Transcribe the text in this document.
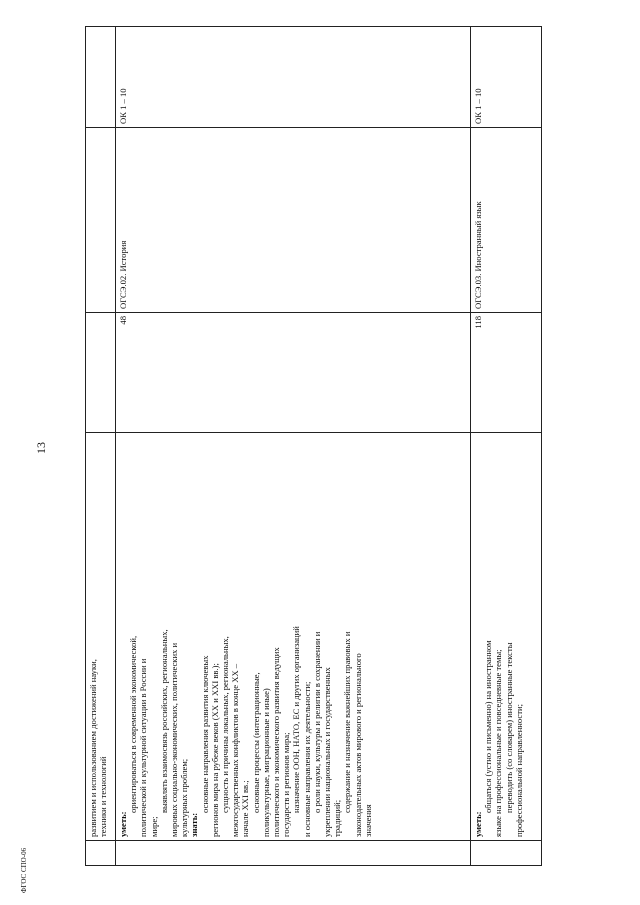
13
ФГОС СПО-06
развитием и использованием достижений науки, техники и технологий уметь:
ориентироваться в современной экономической, политической и культурной ситуации в России и мире;
выявлять взаимосвязь российских, региональных, мировых социально-экономических, политических и культурных проблем; знать:
основные направления развития ключевых регионов мира на рубеже веков (XX и XXI вв.); сущность и причины локальных, региональных, межгосударственных конфликтов в конце XX – начале XXI вв.; основные процессы (интеграционные, поликультурные, миграционные и иные) политического и экономического развития ведущих государств и регионов мира; назначение ООН, НАТО, ЕС и других организаций и основные направления их деятельности; о роли науки, культуры и религии в сохранении и укреплении национальных и государственных традиций;
содержание и назначение важнейших правовых и законодательных актов мирового и регионального значения
48
ОГСЭ.02. История
ОК 1 – 10
уметь:
общаться (устно и письменно) на иностранном языке на профессиональные и повседневные темы; переводить (со словарем) иностранные тексты профессиональной направленности;
118
ОГСЭ.03. Иностранный язык
ОК 1 – 10
